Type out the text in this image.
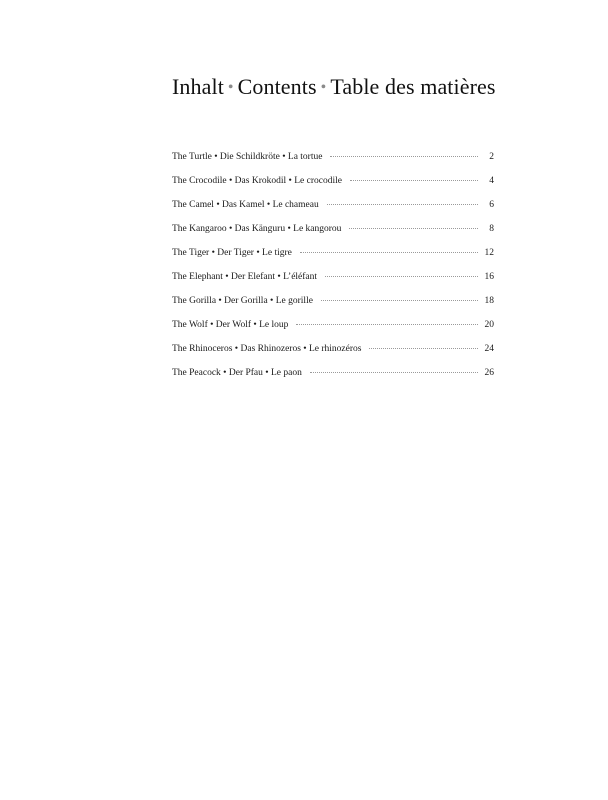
Inhalt • Contents • Table des matières
The Turtle • Die Schildkröte • La tortue	2
The Crocodile • Das Krokodil • Le crocodile	4
The Camel • Das Kamel • Le chameau	6
The Kangaroo • Das Känguru • Le kangorou	8
The Tiger • Der Tiger • Le tigre	12
The Elephant • Der Elefant • L’éléfant	16
The Gorilla • Der Gorilla • Le gorille	18
The Wolf • Der Wolf • Le loup	20
The Rhinoceros • Das Rhinozeros • Le rhinozéros	24
The Peacock • Der Pfau • Le paon	26
